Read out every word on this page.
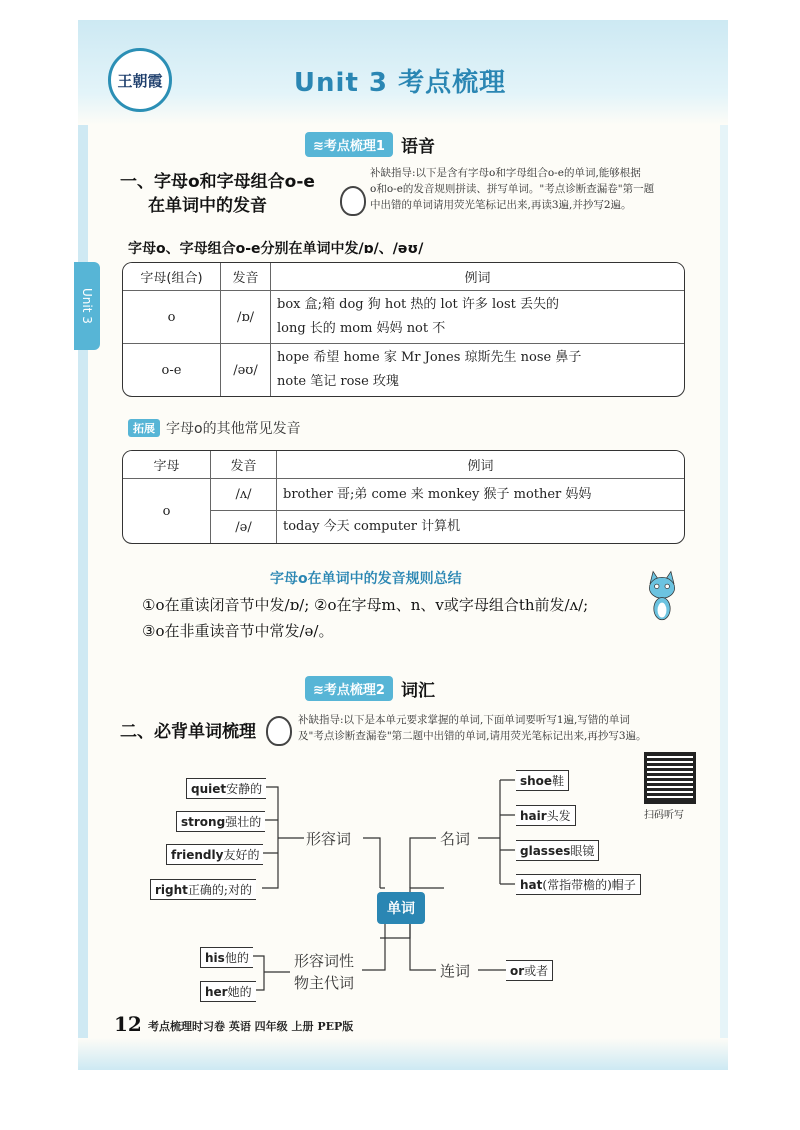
王朝霞	Unit 3 考点梳理
Unit 3
≋考点梳理1 语音
一、字母o和字母组合o-e
在单词中的发音
补缺指导:以下是含有字母o和字母组合o-e的单词,能够根据
o和o-e的发音规则拼读、拼写单词。"考点诊断查漏卷"第一题
中出错的单词请用荧光笔标记出来,再读3遍,并抄写2遍。
字母o、字母组合o-e分别在单词中发/ɒ/、/əʊ/
字母(组合)	发音	例词
o	/ɒ/	box 盒;箱 dog 狗 hot 热的 lot 许多 lost 丢失的
long 长的 mom 妈妈 not 不

o-e	/əʊ/	hope 希望 home 家 Mr Jones 琼斯先生 nose 鼻子
note 笔记 rose 玫瑰
拓展 字母o的其他常见发音
字母	发音	例词
o	/ʌ/	brother 哥;弟 come 来 monkey 猴子 mother 妈妈
	/ə/	today 今天 computer 计算机
字母o在单词中的发音规则总结
①o在重读闭音节中发/ɒ/; ②o在字母m、n、v或字母组合th前发/ʌ/;
③o在非重读音节中常发/ə/。
≋考点梳理2 词汇
二、必背单词梳理
补缺指导:以下是本单元要求掌握的单词,下面单词要听写1遍,写错的单词
及"考点诊断查漏卷"第二题中出错的单词,请用荧光笔标记出来,再抄写3遍。
扫码听写
quiet安静的
strong强壮的
friendly友好的
right正确的;对的
形容词
单词
名词
shoe鞋
hair头发
glasses眼镜
hat(常指带檐的)帽子
his他的
her她的
形容词性
物主代词
连词	or或者
12 考点梳理时习卷 英语 四年级 上册 PEP版
